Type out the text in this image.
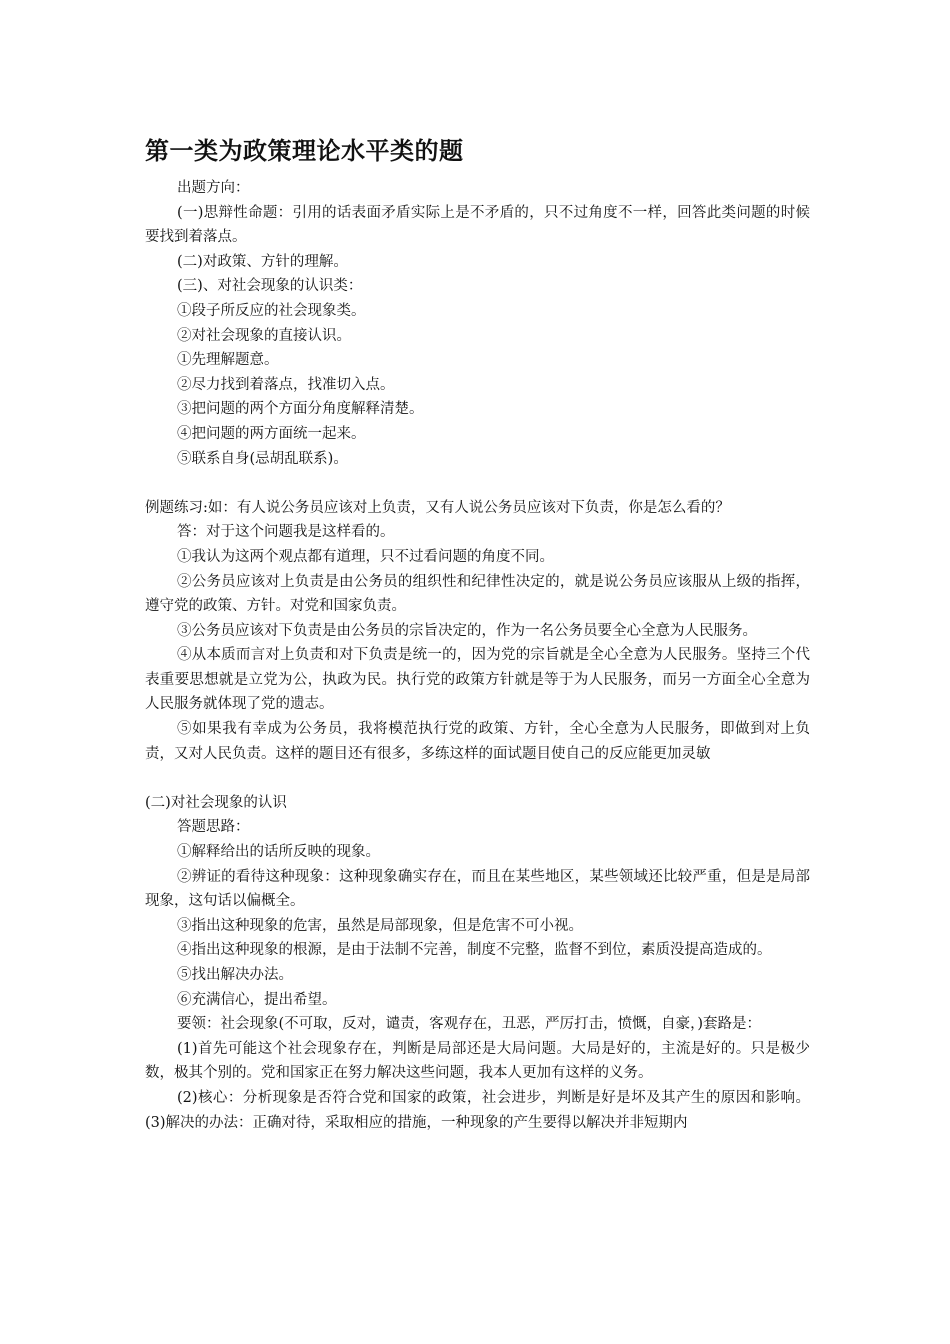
第一类为政策理论水平类的题

出题方向：

(一)思辩性命题：引用的话表面矛盾实际上是不矛盾的，只不过角度不一样，回答此类问题的时候要找到着落点。

(二)对政策、方针的理解。

(三)、对社会现象的认识类：

①段子所反应的社会现象类。

②对社会现象的直接认识。

①先理解题意。

②尽力找到着落点，找准切入点。

③把问题的两个方面分角度解释清楚。

④把问题的两方面统一起来。

⑤联系自身(忌胡乱联系)。

例题练习:如：有人说公务员应该对上负责，又有人说公务员应该对下负责，你是怎么看的？

答：对于这个问题我是这样看的。

①我认为这两个观点都有道理，只不过看问题的角度不同。

②公务员应该对上负责是由公务员的组织性和纪律性决定的，就是说公务员应该服从上级的指挥，遵守党的政策、方针。对党和国家负责。

③公务员应该对下负责是由公务员的宗旨决定的，作为一名公务员要全心全意为人民服务。

④从本质而言对上负责和对下负责是统一的，因为党的宗旨就是全心全意为人民服务。坚持三个代表重要思想就是立党为公，执政为民。执行党的政策方针就是等于为人民服务，而另一方面全心全意为人民服务就体现了党的遗志。

⑤如果我有幸成为公务员，我将模范执行党的政策、方针，全心全意为人民服务，即做到对上负责，又对人民负责。这样的题目还有很多，多练这样的面试题目使自己的反应能更加灵敏

(二)对社会现象的认识

答题思路：

①解释给出的话所反映的现象。

②辨证的看待这种现象：这种现象确实存在，而且在某些地区，某些领域还比较严重，但是是局部现象，这句话以偏概全。

③指出这种现象的危害，虽然是局部现象，但是危害不可小视。

④指出这种现象的根源，是由于法制不完善，制度不完整，监督不到位，素质没提高造成的。

⑤找出解决办法。

⑥充满信心，提出希望。

要领：社会现象(不可取，反对，谴责，客观存在，丑恶，严厉打击，愤慨，自豪，)套路是：

(1)首先可能这个社会现象存在，判断是局部还是大局问题。大局是好的，主流是好的。只是极少数，极其个别的。党和国家正在努力解决这些问题，我本人更加有这样的义务。

(2)核心：分析现象是否符合党和国家的政策，社会进步，判断是好是坏及其产生的原因和影响。(3)解决的办法：正确对待，采取相应的措施，一种现象的产生要得以解决并非短期内
